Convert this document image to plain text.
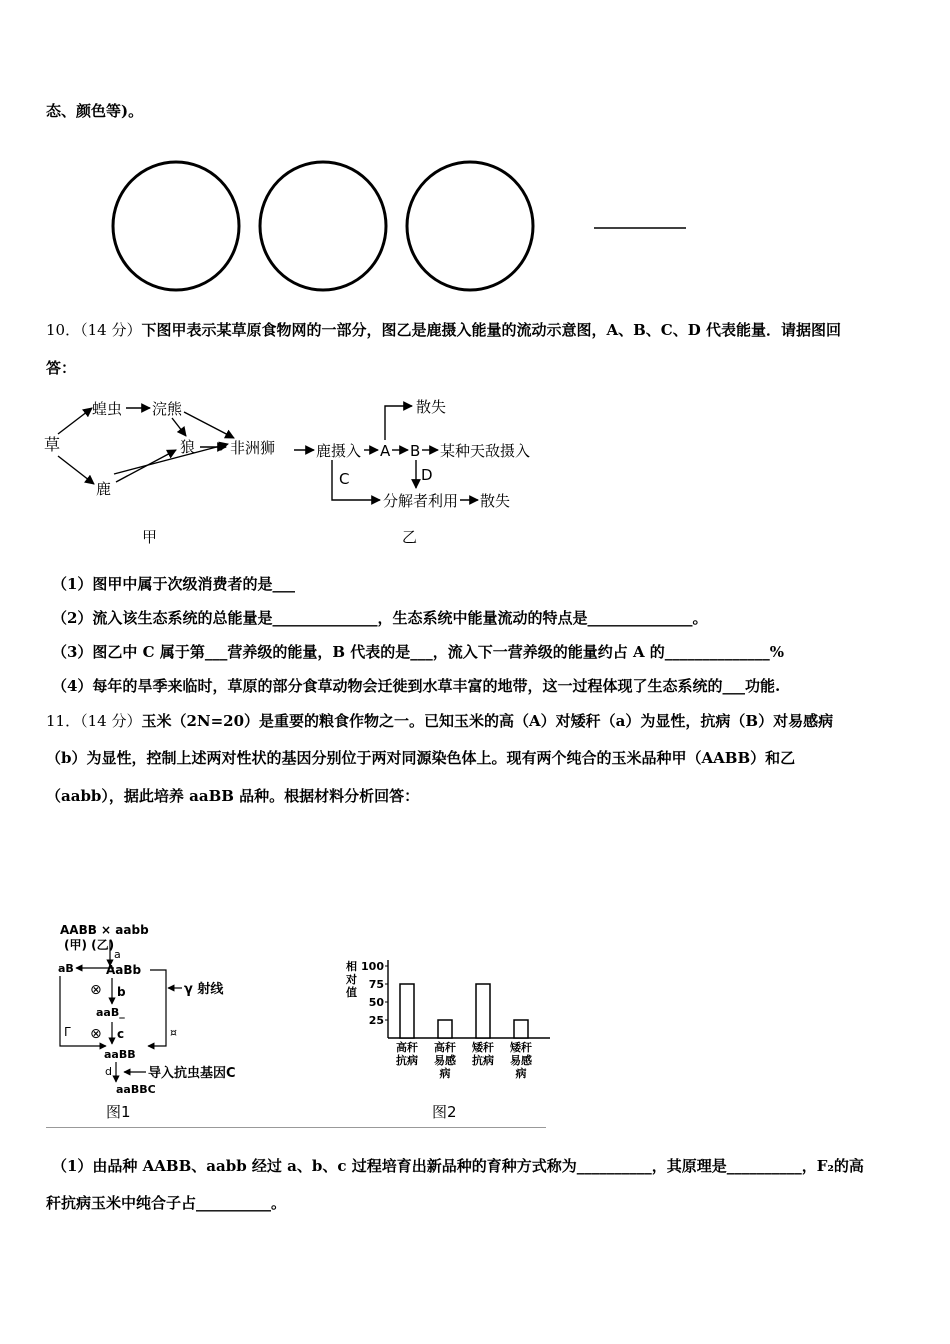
态、颜色等)。
10．（14 分）下图甲表示某草原食物网的一部分，图乙是鹿摄入能量的流动示意图，A、B、C、D 代表能量．请据图回
答：
草
蝗虫 浣熊
狼 非洲狮
鹿
甲
鹿摄入 A B 某种天敌摄入
散失
D
C
分解者利用 散失
乙
（1）图甲中属于次级消费者的是___
（2）流入该生态系统的总能量是______________，生态系统中能量流动的特点是______________。
（3）图乙中 C 属于第___营养级的能量，B 代表的是___，流入下一营养级的能量约占 A 的______________%
（4）每年的旱季来临时，草原的部分食草动物会迁徙到水草丰富的地带，这一过程体现了生态系统的___功能.
11．（14 分）玉米（2N=20）是重要的粮食作物之一。已知玉米的高（A）对矮秆（a）为显性，抗病（B）对易感病
（b）为显性，控制上述两对性状的基因分别位于两对同源染色体上。现有两个纯合的玉米品种甲（AABB）和乙
（aabb），据此培养 aaBB 品种。根据材料分析回答：
AABB × aabb
(甲) (乙)
a
aB	AaBb
⊗ b
aaB_
⊗ c
Γ
γ 射线
¤
aaBB
d	导入抗虫基因C
aaBBC
图1
相
对
值
100
75
50
25
高秆
抗病
高秆
易感
病
矮秆
抗病
矮秆
易感
病
图2
（1）由品种 AABB、aabb 经过 a、b、c 过程培育出新品种的育种方式称为__________，其原理是__________，F₂的高
秆抗病玉米中纯合子占__________。
